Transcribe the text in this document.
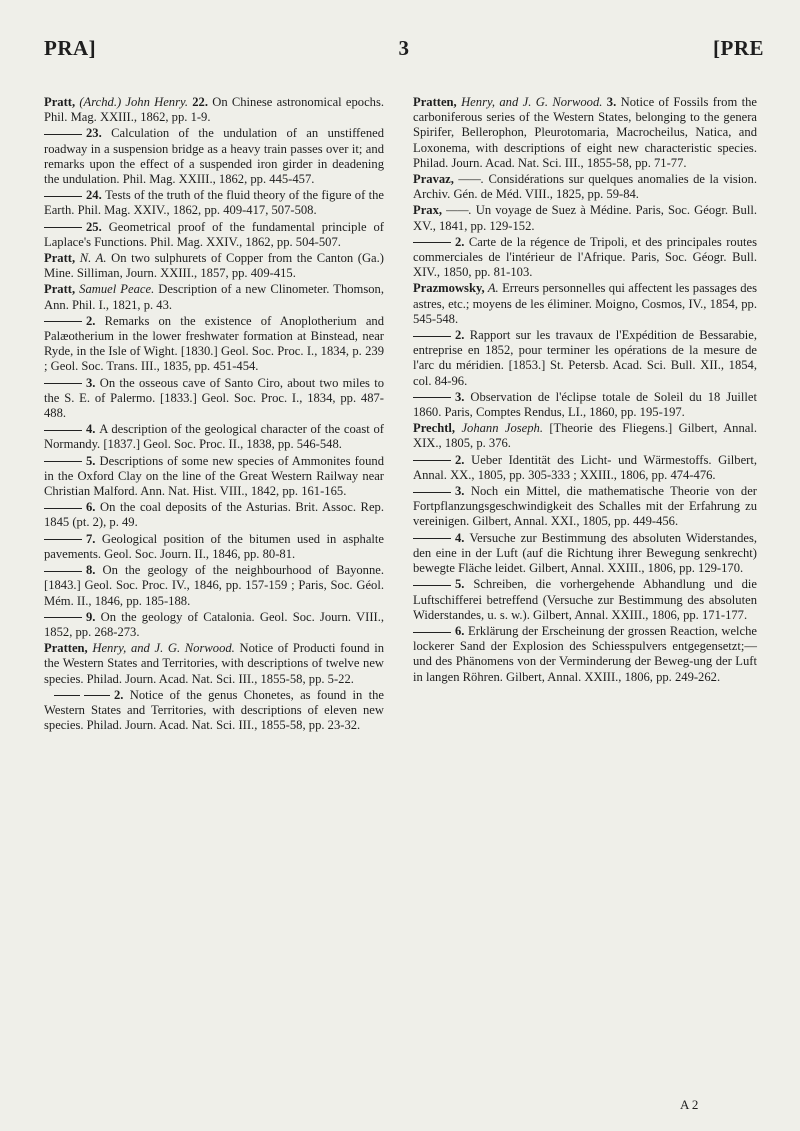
PRA]	3	[PRE
Pratt, (Archd.) John Henry. 22. On Chinese astronomical epochs. Phil. Mag. XXIII., 1862, pp. 1-9.
23. Calculation of the undulation of an unstiffened roadway in a suspension bridge as a heavy train passes over it; and remarks upon the effect of a suspended iron girder in deadening the undulation. Phil. Mag. XXIII., 1862, pp. 445-457.
24. Tests of the truth of the fluid theory of the figure of the Earth. Phil. Mag. XXIV., 1862, pp. 409-417, 507-508.
25. Geometrical proof of the fundamental principle of Laplace's Functions. Phil. Mag. XXIV., 1862, pp. 504-507.
Pratt, N. A. On two sulphurets of Copper from the Canton (Ga.) Mine. Silliman, Journ. XXIII., 1857, pp. 409-415.
Pratt, Samuel Peace. Description of a new Clinometer. Thomson, Ann. Phil. I., 1821, p. 43.
2. Remarks on the existence of Anoplotherium and Palæotherium in the lower freshwater formation at Binstead, near Ryde, in the Isle of Wight. [1830.] Geol. Soc. Proc. I., 1834, p. 239 ; Geol. Soc. Trans. III., 1835, pp. 451-454.
3. On the osseous cave of Santo Ciro, about two miles to the S. E. of Palermo. [1833.] Geol. Soc. Proc. I., 1834, pp. 487-488.
4. A description of the geological character of the coast of Normandy. [1837.] Geol. Soc. Proc. II., 1838, pp. 546-548.
5. Descriptions of some new species of Ammonites found in the Oxford Clay on the line of the Great Western Railway near Christian Malford. Ann. Nat. Hist. VIII., 1842, pp. 161-165.
6. On the coal deposits of the Asturias. Brit. Assoc. Rep. 1845 (pt. 2), p. 49.
7. Geological position of the bitumen used in asphalte pavements. Geol. Soc. Journ. II., 1846, pp. 80-81.
8. On the geology of the neighbourhood of Bayonne. [1843.] Geol. Soc. Proc. IV., 1846, pp. 157-159 ; Paris, Soc. Géol. Mém. II., 1846, pp. 185-188.
9. On the geology of Catalonia. Geol. Soc. Journ. VIII., 1852, pp. 268-273.
Pratten, Henry, and J. G. Norwood. Notice of Producti found in the Western States and Territories, with descriptions of twelve new species. Philad. Journ. Acad. Nat. Sci. III., 1855-58, pp. 5-22.
2. Notice of the genus Chonetes, as found in the Western States and Territories, with descriptions of eleven new species. Philad. Journ. Acad. Nat. Sci. III., 1855-58, pp. 23-32.
Pratten, Henry, and J. G. Norwood. 3. Notice of Fossils from the carboniferous series of the Western States, belonging to the genera Spirifer, Bellerophon, Pleurotomaria, Macrocheilus, Natica, and Loxonema, with descriptions of eight new characteristic species. Philad. Journ. Acad. Nat. Sci. III., 1855-58, pp. 71-77.
Pravaz, ——. Considérations sur quelques anomalies de la vision. Archiv. Gén. de Méd. VIII., 1825, pp. 59-84.
Prax, ——. Un voyage de Suez à Médine. Paris, Soc. Géogr. Bull. XV., 1841, pp. 129-152.
2. Carte de la régence de Tripoli, et des principales routes commerciales de l'intérieur de l'Afrique. Paris, Soc. Géogr. Bull. XIV., 1850, pp. 81-103.
Prazmowsky, A. Erreurs personnelles qui affectent les passages des astres, etc.; moyens de les éliminer. Moigno, Cosmos, IV., 1854, pp. 545-548.
2. Rapport sur les travaux de l'Expédition de Bessarabie, entreprise en 1852, pour terminer les opérations de la mesure de l'arc du méridien. [1853.] St. Petersb. Acad. Sci. Bull. XII., 1854, col. 84-96.
3. Observation de l'éclipse totale de Soleil du 18 Juillet 1860. Paris, Comptes Rendus, LI., 1860, pp. 195-197.
Prechtl, Johann Joseph. [Theorie des Fliegens.] Gilbert, Annal. XIX., 1805, p. 376.
2. Ueber Identität des Licht- und Wärmestoffs. Gilbert, Annal. XX., 1805, pp. 305-333 ; XXIII., 1806, pp. 474-476.
3. Noch ein Mittel, die mathematische Theorie von der Fortpflanzungsgeschwindigkeit des Schalles mit der Erfahrung zu vereinigen. Gilbert, Annal. XXI., 1805, pp. 449-456.
4. Versuche zur Bestimmung des absoluten Widerstandes, den eine in der Luft (auf die Richtung ihrer Bewegung senkrecht) bewegte Fläche leidet. Gilbert, Annal. XXIII., 1806, pp. 129-170.
5. Schreiben, die vorhergehende Abhandlung und die Luftschifferei betreffend (Versuche zur Bestimmung des absoluten Widerstandes, u. s. w.). Gilbert, Annal. XXIII., 1806, pp. 171-177.
6. Erklärung der Erscheinung der grossen Reaction, welche lockerer Sand der Explosion des Schiesspulvers entgegensetzt;—und des Phänomens von der Verminderung der Beweg-ung der Luft in langen Röhren. Gilbert, Annal. XXIII., 1806, pp. 249-262.
A 2
